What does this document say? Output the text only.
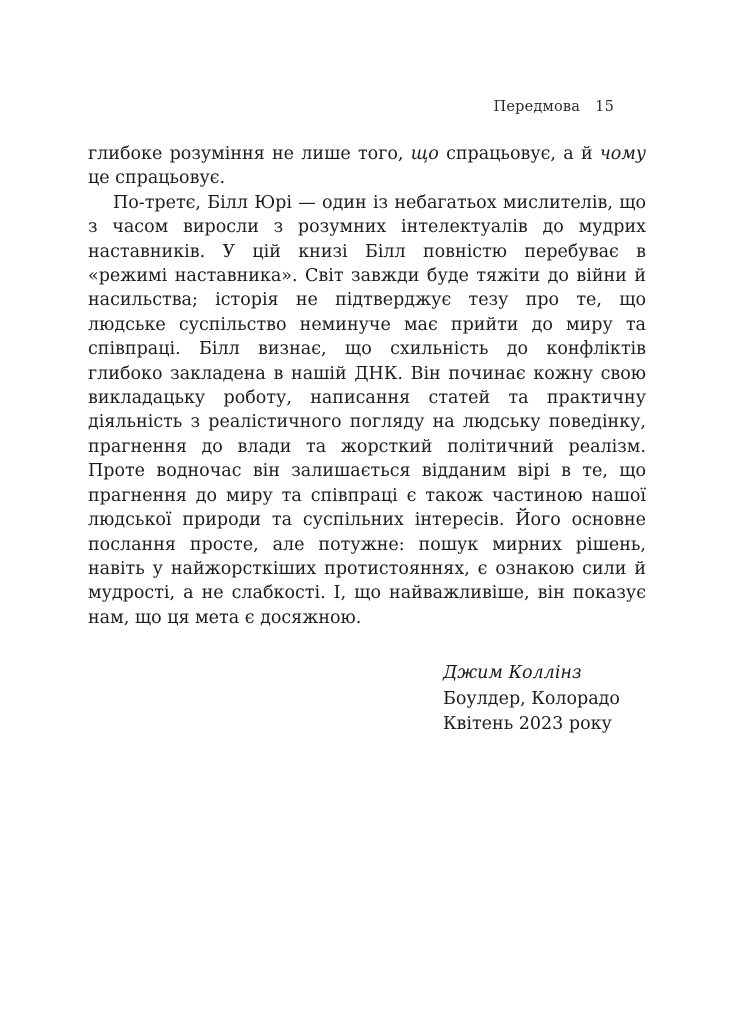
Передмова 15

глибоке розуміння не лише того, що спрацьовує, а й чому це спрацьовує.

По-третє, Білл Юрі — один із небагатьох мислителів, що з часом виросли з розумних інтелектуалів до мудрих наставників. У цій книзі Білл повністю перебуває в «режимі наставника». Світ завжди буде тяжіти до війни й насильства; історія не підтверджує тезу про те, що людське суспільство неминуче має прийти до миру та співпраці. Білл визнає, що схильність до конфліктів глибоко закладена в нашій ДНК. Він починає кожну свою викладацьку роботу, написання статей та практичну діяльність з реалістичного погляду на людську поведінку, прагнення до влади та жорсткий політичний реалізм. Проте водночас він залишається відданим вірі в те, що прагнення до миру та співпраці є також частиною нашої людської природи та суспільних інтересів. Його основне послання просте, але потужне: пошук мирних рішень, навіть у найжорсткіших протистояннях, є ознакою сили й мудрості, а не слабкості. І, що найважливіше, він показує нам, що ця мета є досяжною.

Джим Коллінз
Боулдер, Колорадо
Квітень 2023 року
